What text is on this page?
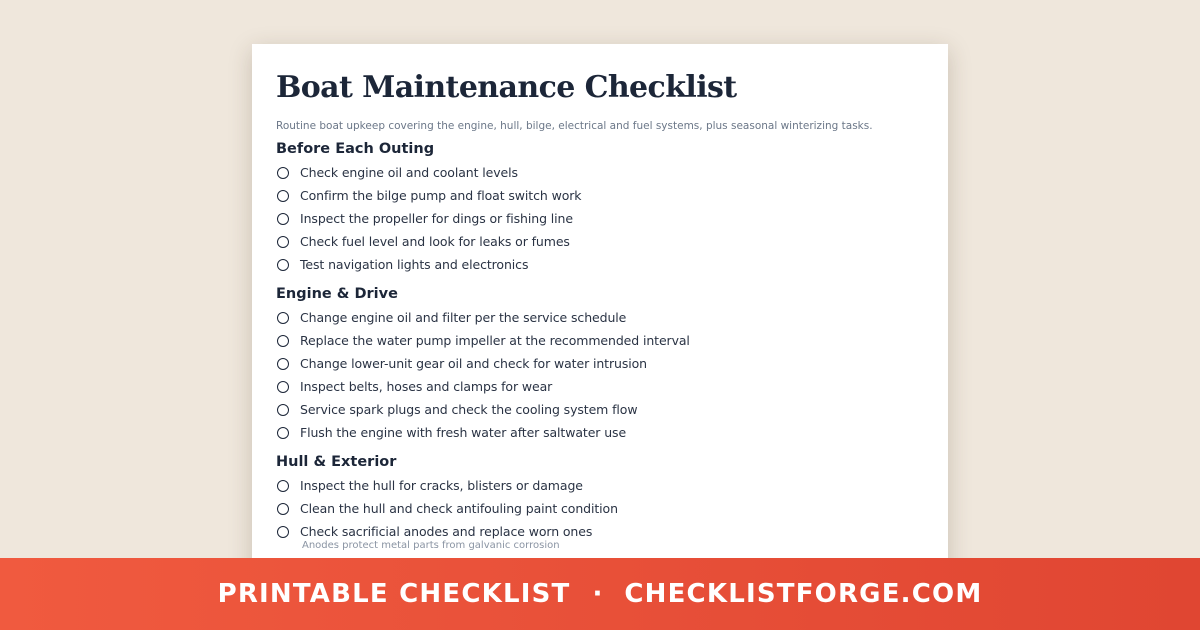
Boat Maintenance Checklist
Routine boat upkeep covering the engine, hull, bilge, electrical and fuel systems, plus seasonal winterizing tasks.
Before Each Outing
Check engine oil and coolant levels
Confirm the bilge pump and float switch work
Inspect the propeller for dings or fishing line
Check fuel level and look for leaks or fumes
Test navigation lights and electronics
Engine & Drive
Change engine oil and filter per the service schedule
Replace the water pump impeller at the recommended interval
Change lower-unit gear oil and check for water intrusion
Inspect belts, hoses and clamps for wear
Service spark plugs and check the cooling system flow
Flush the engine with fresh water after saltwater use
Hull & Exterior
Inspect the hull for cracks, blisters or damage
Clean the hull and check antifouling paint condition
Check sacrificial anodes and replace worn ones
Anodes protect metal parts from galvanic corrosion
PRINTABLE CHECKLIST · CHECKLISTFORGE.COM
